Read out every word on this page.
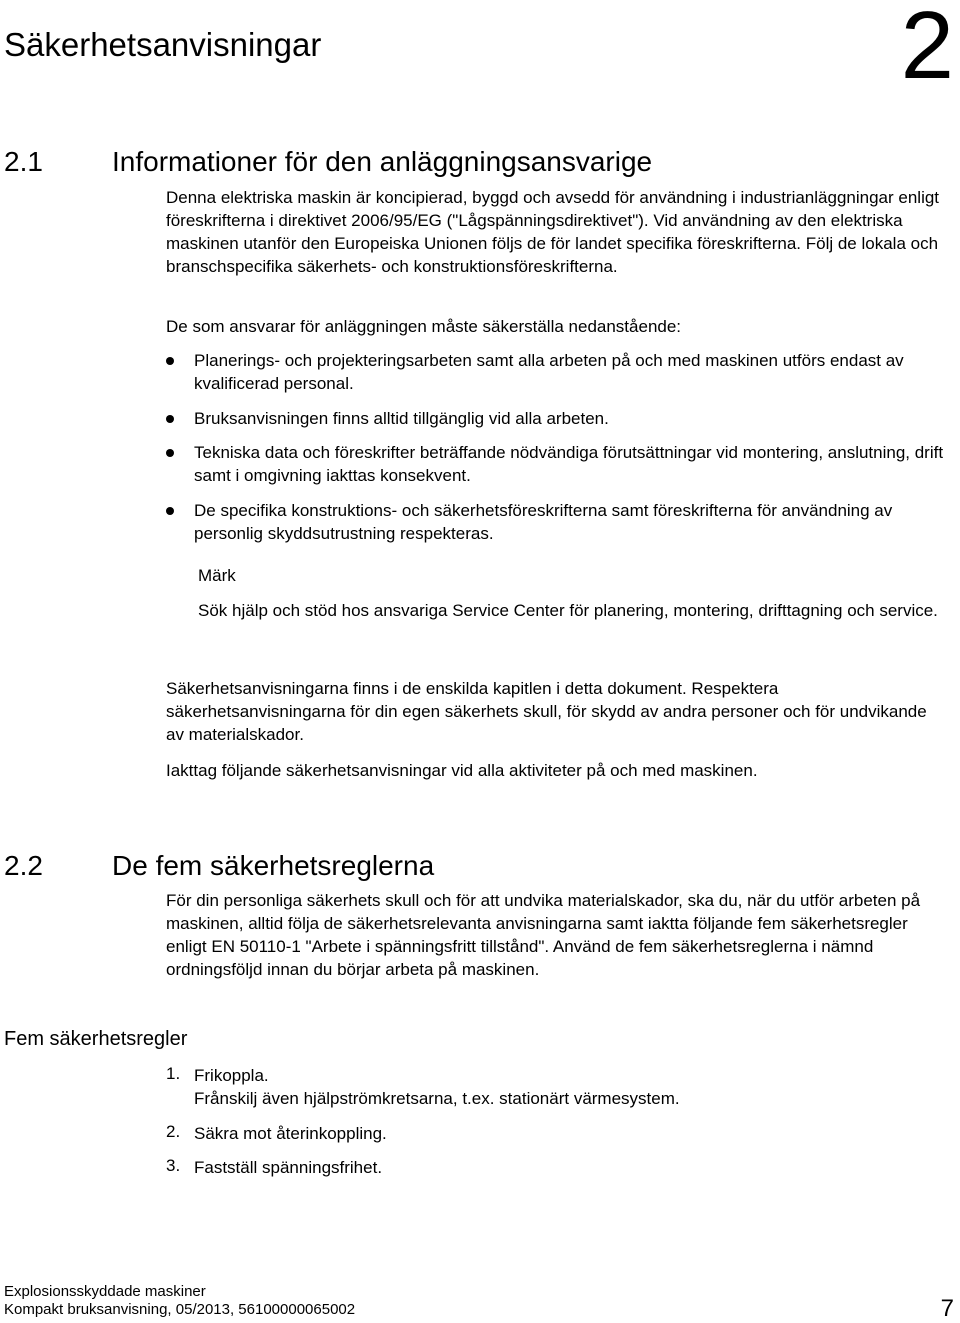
Säkerhetsanvisningar	2
2.1 Informationer för den anläggningsansvarige

Denna elektriska maskin är koncipierad, byggd och avsedd för användning i industrianläggningar enligt föreskrifterna i direktivet 2006/95/EG ("Lågspänningsdirektivet"). Vid användning av den elektriska maskinen utanför den Europeiska Unionen följs de för landet specifika föreskrifterna. Följ de lokala och branschspecifika säkerhets- och konstruktionsföreskrifterna.

De som ansvarar för anläggningen måste säkerställa nedanstående:

Planerings- och projekteringsarbeten samt alla arbeten på och med maskinen utförs endast av kvalificerad personal.
Bruksanvisningen finns alltid tillgänglig vid alla arbeten.
Tekniska data och föreskrifter beträffande nödvändiga förutsättningar vid montering, anslutning, drift samt i omgivning iakttas konsekvent.
De specifika konstruktions- och säkerhetsföreskrifterna samt föreskrifterna för användning av personlig skyddsutrustning respekteras.
Märk

Sök hjälp och stöd hos ansvariga Service Center för planering, montering, drifttagning och service.

Säkerhetsanvisningarna finns i de enskilda kapitlen i detta dokument. Respektera säkerhetsanvisningarna för din egen säkerhets skull, för skydd av andra personer och för undvikande av materialskador.

Iakttag följande säkerhetsanvisningar vid alla aktiviteter på och med maskinen.

2.2 De fem säkerhetsreglerna

För din personliga säkerhets skull och för att undvika materialskador, ska du, när du utför arbeten på maskinen, alltid följa de säkerhetsrelevanta anvisningarna samt iaktta följande fem säkerhetsregler enligt EN 50110-1 "Arbete i spänningsfritt tillstånd". Använd de fem säkerhetsreglerna i nämnd ordningsföljd innan du börjar arbeta på maskinen.

Fem säkerhetsregler
1. Frikoppla.
Frånskilj även hjälpströmkretsarna, t.ex. stationärt värmesystem.
2. Säkra mot återinkoppling.
3. Fastställ spänningsfrihet.
Explosionsskyddade maskiner
Kompakt bruksanvisning, 05/2013, 56100000065002	7
